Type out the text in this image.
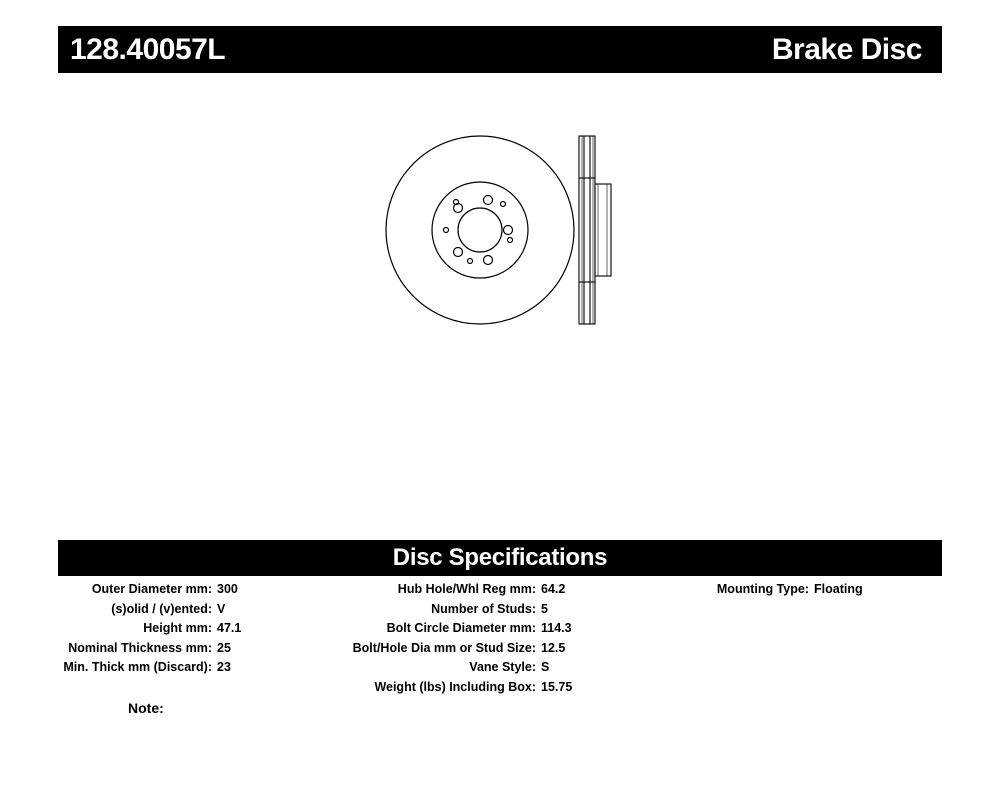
128.40057L	Brake Disc
Disc Specifications
Outer Diameter mm: 300
(s)olid / (v)ented: V
Height mm: 47.1
Nominal Thickness mm: 25
Min. Thick mm (Discard): 23
Hub Hole/Whl Reg mm: 64.2
Number of Studs: 5
Bolt Circle Diameter mm: 114.3
Bolt/Hole Dia mm or Stud Size: 12.5
Vane Style: S
Weight (lbs) Including Box: 15.75
Mounting Type: Floating
Note:
